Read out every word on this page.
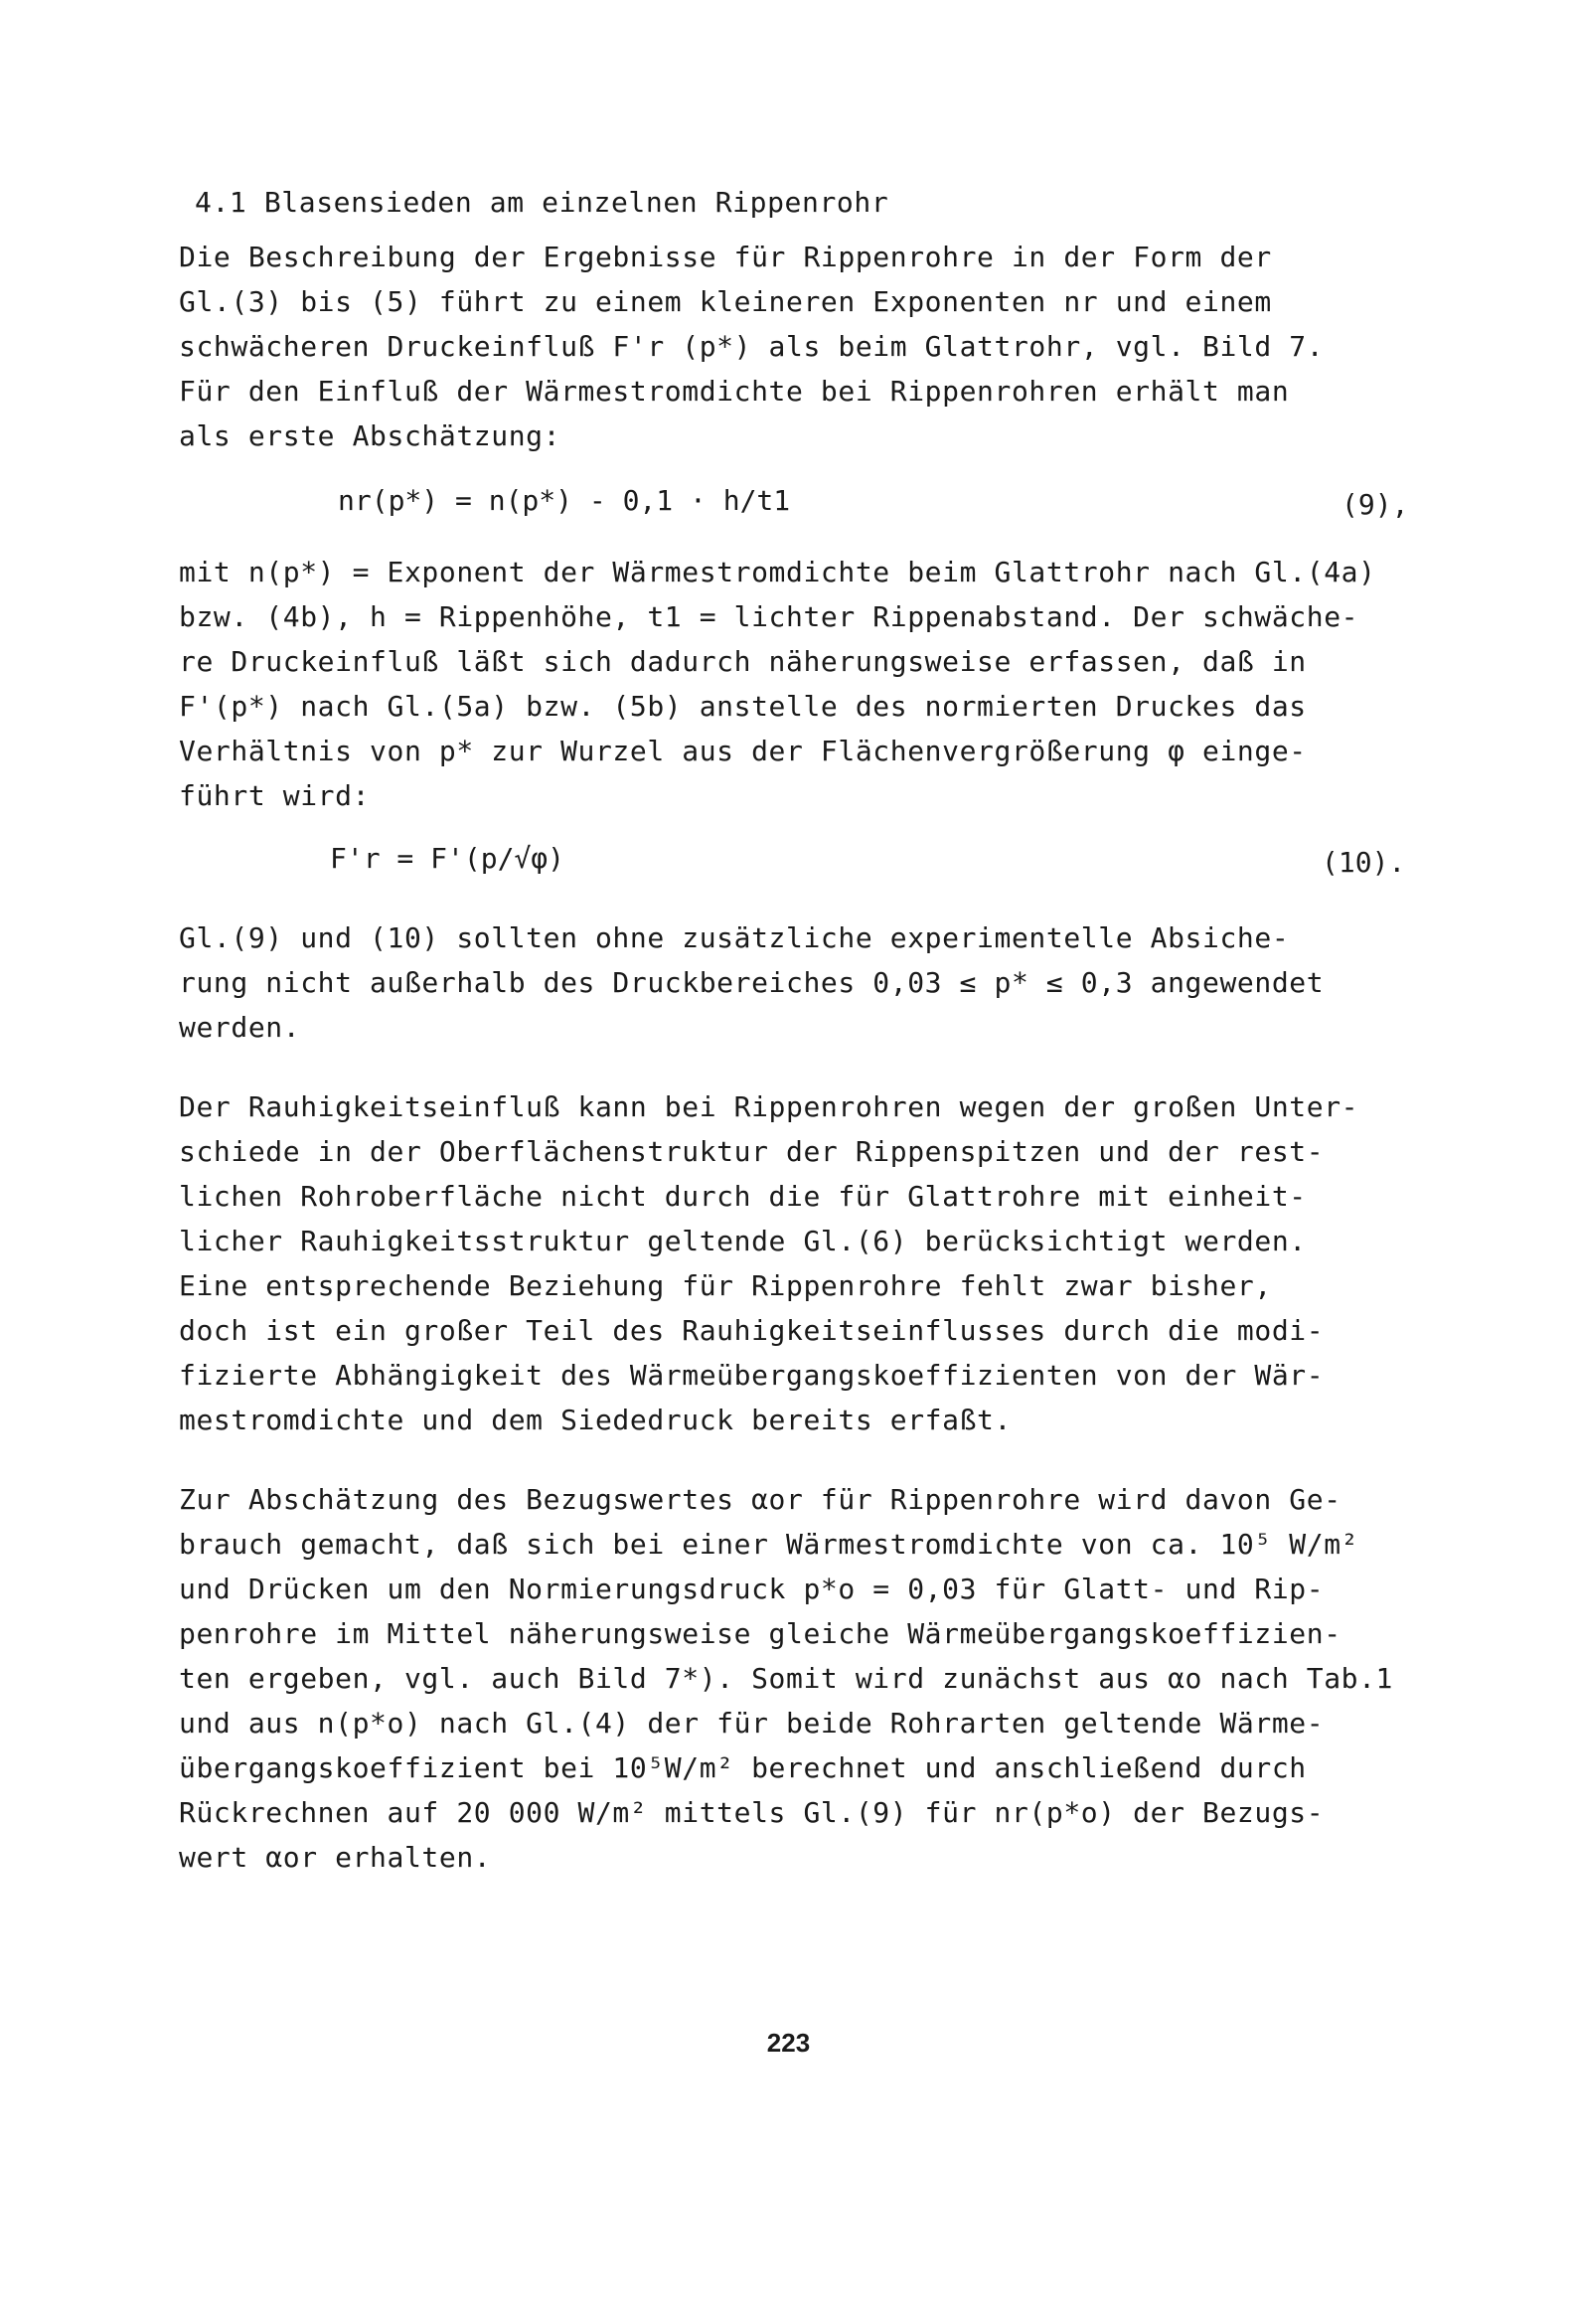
4.1 Blasensieden am einzelnen Rippenrohr
Die Beschreibung der Ergebnisse für Rippenrohre in der Form der
Gl.(3) bis (5) führt zu einem kleineren Exponenten nr und einem
schwächeren Druckeinfluß F'r (p*) als beim Glattrohr, vgl. Bild 7.
Für den Einfluß der Wärmestromdichte bei Rippenrohren erhält man
als erste Abschätzung:
nr(p*) = n(p*) - 0,1 · h/t1	(9),
mit n(p*) = Exponent der Wärmestromdichte beim Glattrohr nach Gl.(4a)
bzw. (4b), h = Rippenhöhe, t1 = lichter Rippenabstand. Der schwäche-
re Druckeinfluß läßt sich dadurch näherungsweise erfassen, daß in
F'(p*) nach Gl.(5a) bzw. (5b) anstelle des normierten Druckes das
Verhältnis von p* zur Wurzel aus der Flächenvergrößerung φ einge-
führt wird:
F'r = F'(p/√φ)	(10).
Gl.(9) und (10) sollten ohne zusätzliche experimentelle Absiche-
rung nicht außerhalb des Druckbereiches 0,03 ≤ p* ≤ 0,3 angewendet
werden.
Der Rauhigkeitseinfluß kann bei Rippenrohren wegen der großen Unter-
schiede in der Oberflächenstruktur der Rippenspitzen und der rest-
lichen Rohroberfläche nicht durch die für Glattrohre mit einheit-
licher Rauhigkeitsstruktur geltende Gl.(6) berücksichtigt werden.
Eine entsprechende Beziehung für Rippenrohre fehlt zwar bisher,
doch ist ein großer Teil des Rauhigkeitseinflusses durch die modi-
fizierte Abhängigkeit des Wärmeübergangskoeffizienten von der Wär-
mestromdichte und dem Siededruck bereits erfaßt.
Zur Abschätzung des Bezugswertes αor für Rippenrohre wird davon Ge-
brauch gemacht, daß sich bei einer Wärmestromdichte von ca. 10⁵ W/m²
und Drücken um den Normierungsdruck p*o = 0,03 für Glatt- und Rip-
penrohre im Mittel näherungsweise gleiche Wärmeübergangskoeffizien-
ten ergeben, vgl. auch Bild 7*). Somit wird zunächst aus αo nach Tab.1
und aus n(p*o) nach Gl.(4) der für beide Rohrarten geltende Wärme-
übergangskoeffizient bei 10⁵W/m² berechnet und anschließend durch
Rückrechnen auf 20 000 W/m² mittels Gl.(9) für nr(p*o) der Bezugs-
wert αor erhalten.
223
